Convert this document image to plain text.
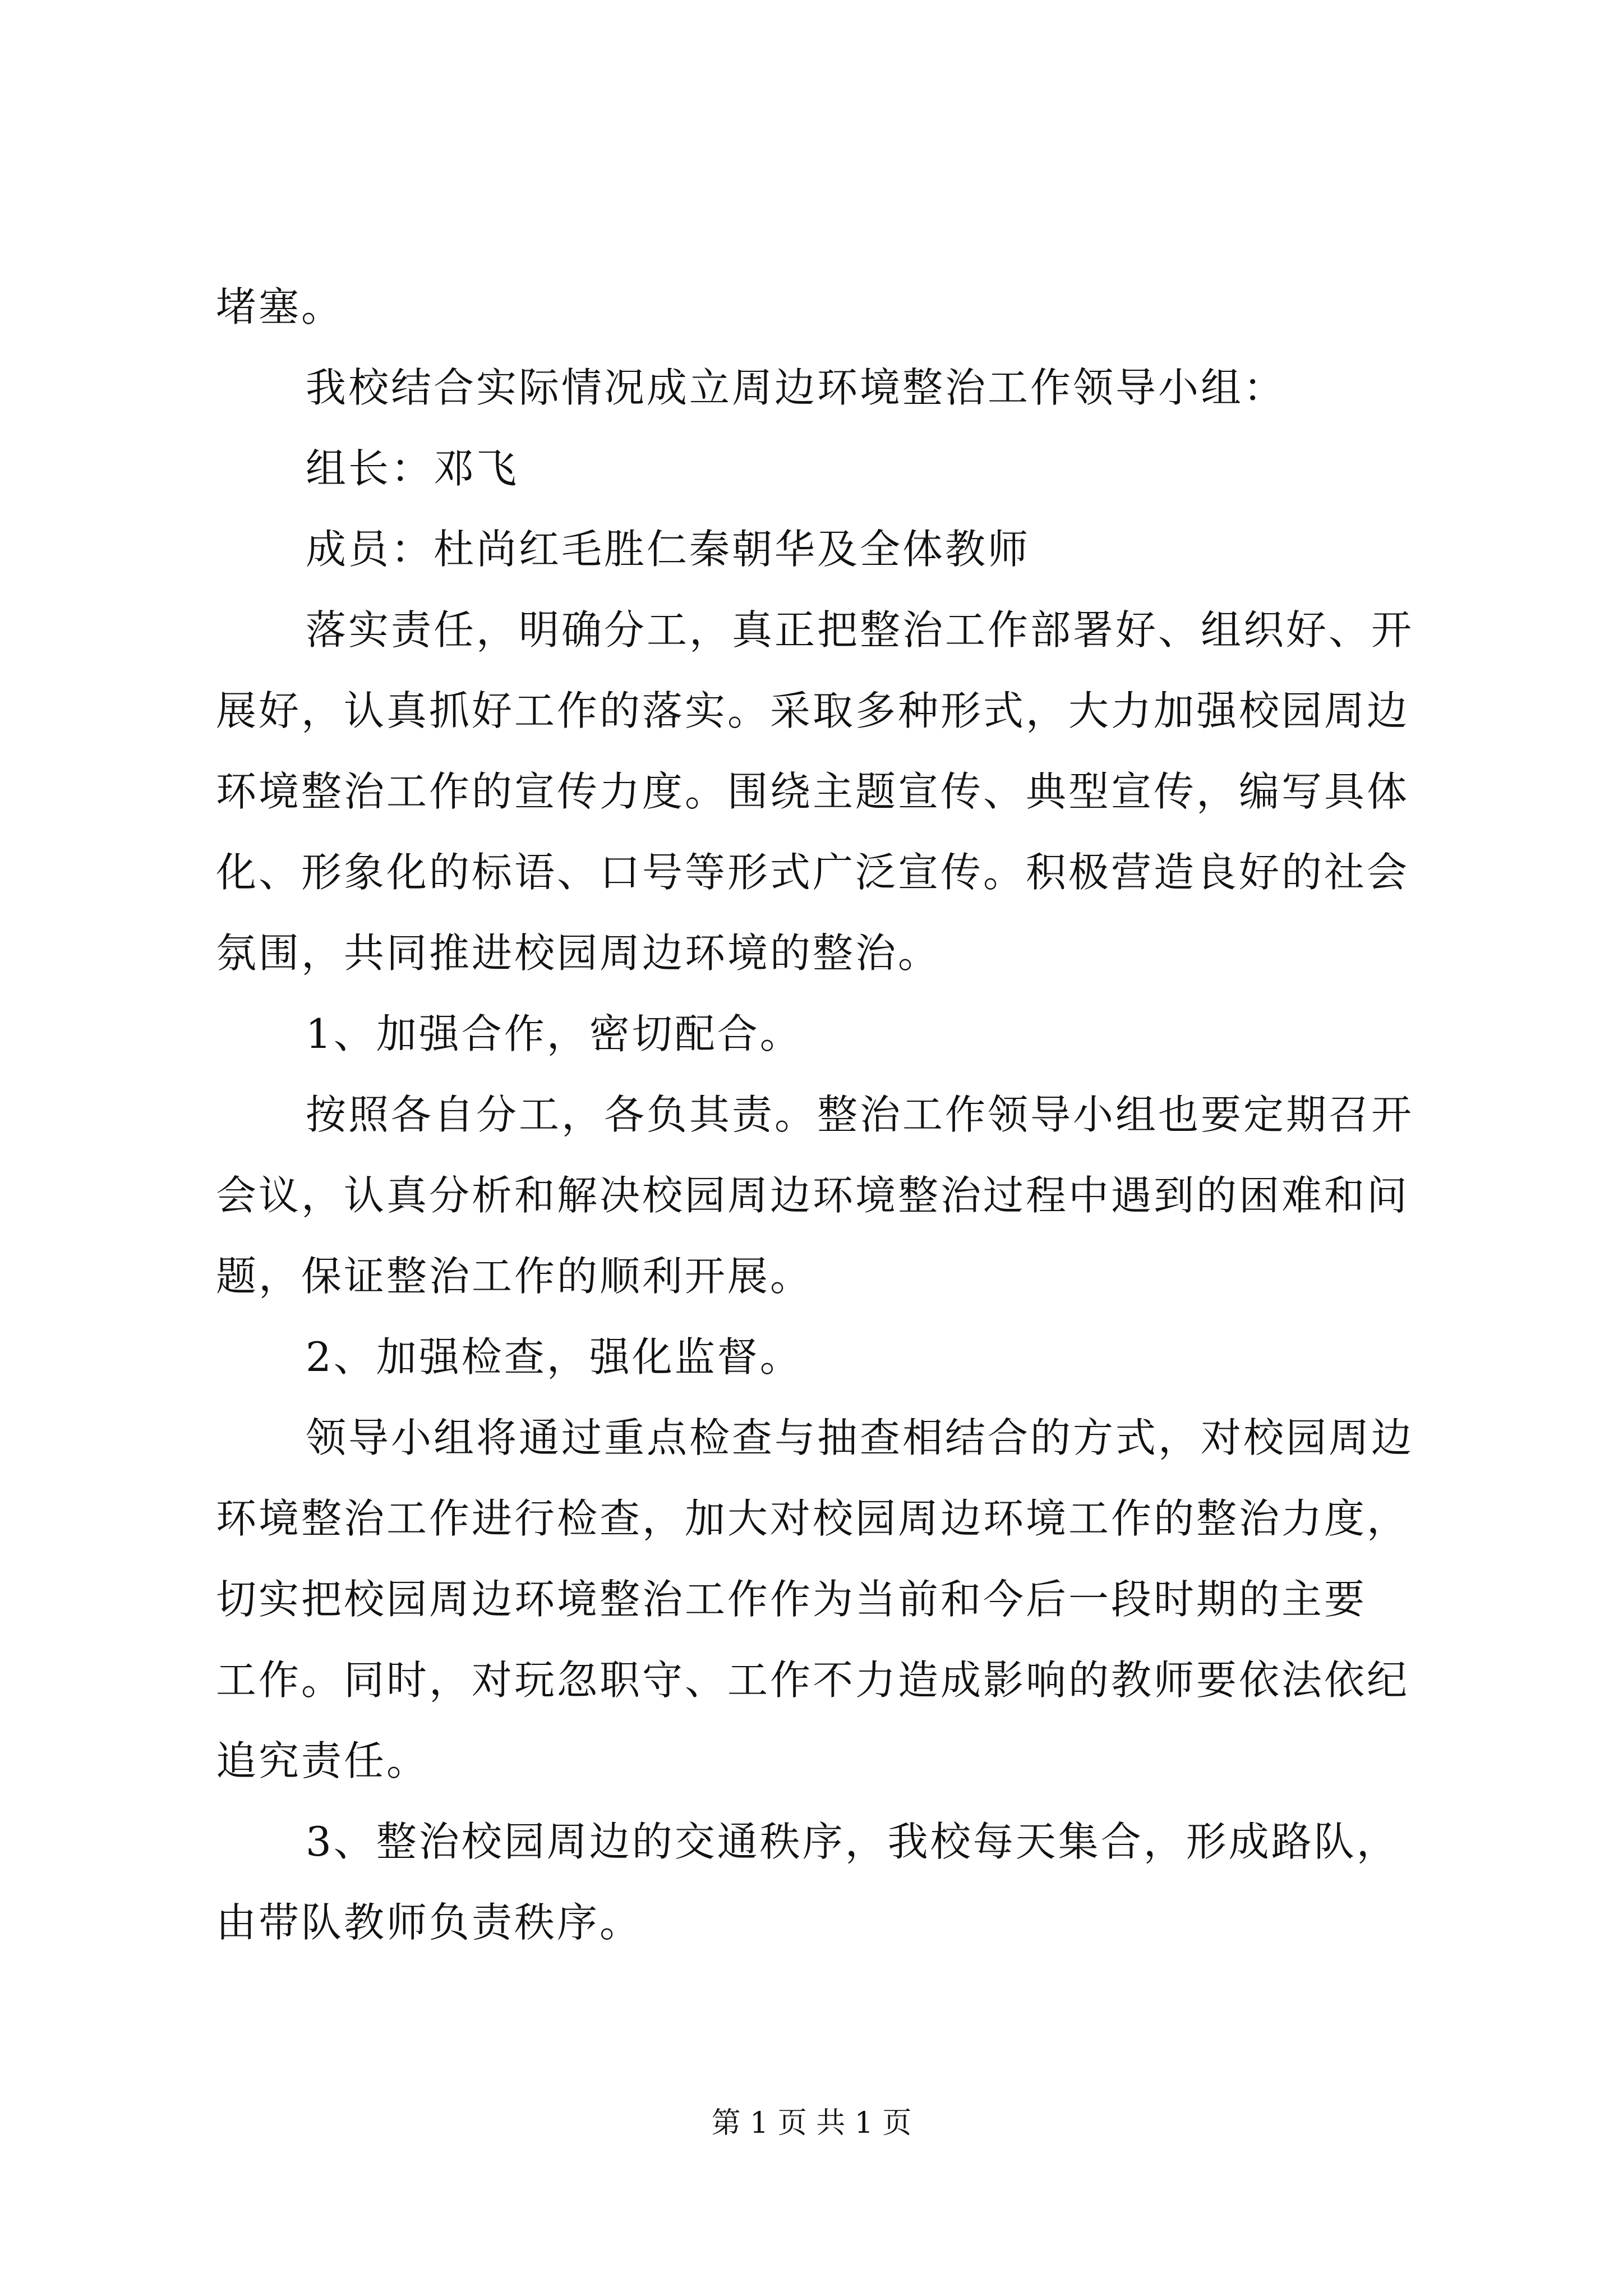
堵塞。
我校结合实际情况成立周边环境整治工作领导小组：
组长：邓飞
成员：杜尚红毛胜仁秦朝华及全体教师
落实责任，明确分工，真正把整治工作部署好、组织好、开
展好，认真抓好工作的落实。采取多种形式，大力加强校园周边
环境整治工作的宣传力度。围绕主题宣传、典型宣传，编写具体
化、形象化的标语、口号等形式广泛宣传。积极营造良好的社会
氛围，共同推进校园周边环境的整治。
1、加强合作，密切配合。
按照各自分工，各负其责。整治工作领导小组也要定期召开
会议，认真分析和解决校园周边环境整治过程中遇到的困难和问
题，保证整治工作的顺利开展。
2、加强检查，强化监督。
领导小组将通过重点检查与抽查相结合的方式，对校园周边
环境整治工作进行检查，加大对校园周边环境工作的整治力度，
切实把校园周边环境整治工作作为当前和今后一段时期的主要
工作。同时，对玩忽职守、工作不力造成影响的教师要依法依纪
追究责任。
3、整治校园周边的交通秩序，我校每天集合，形成路队，
由带队教师负责秩序。
第 1 页 共 1 页
